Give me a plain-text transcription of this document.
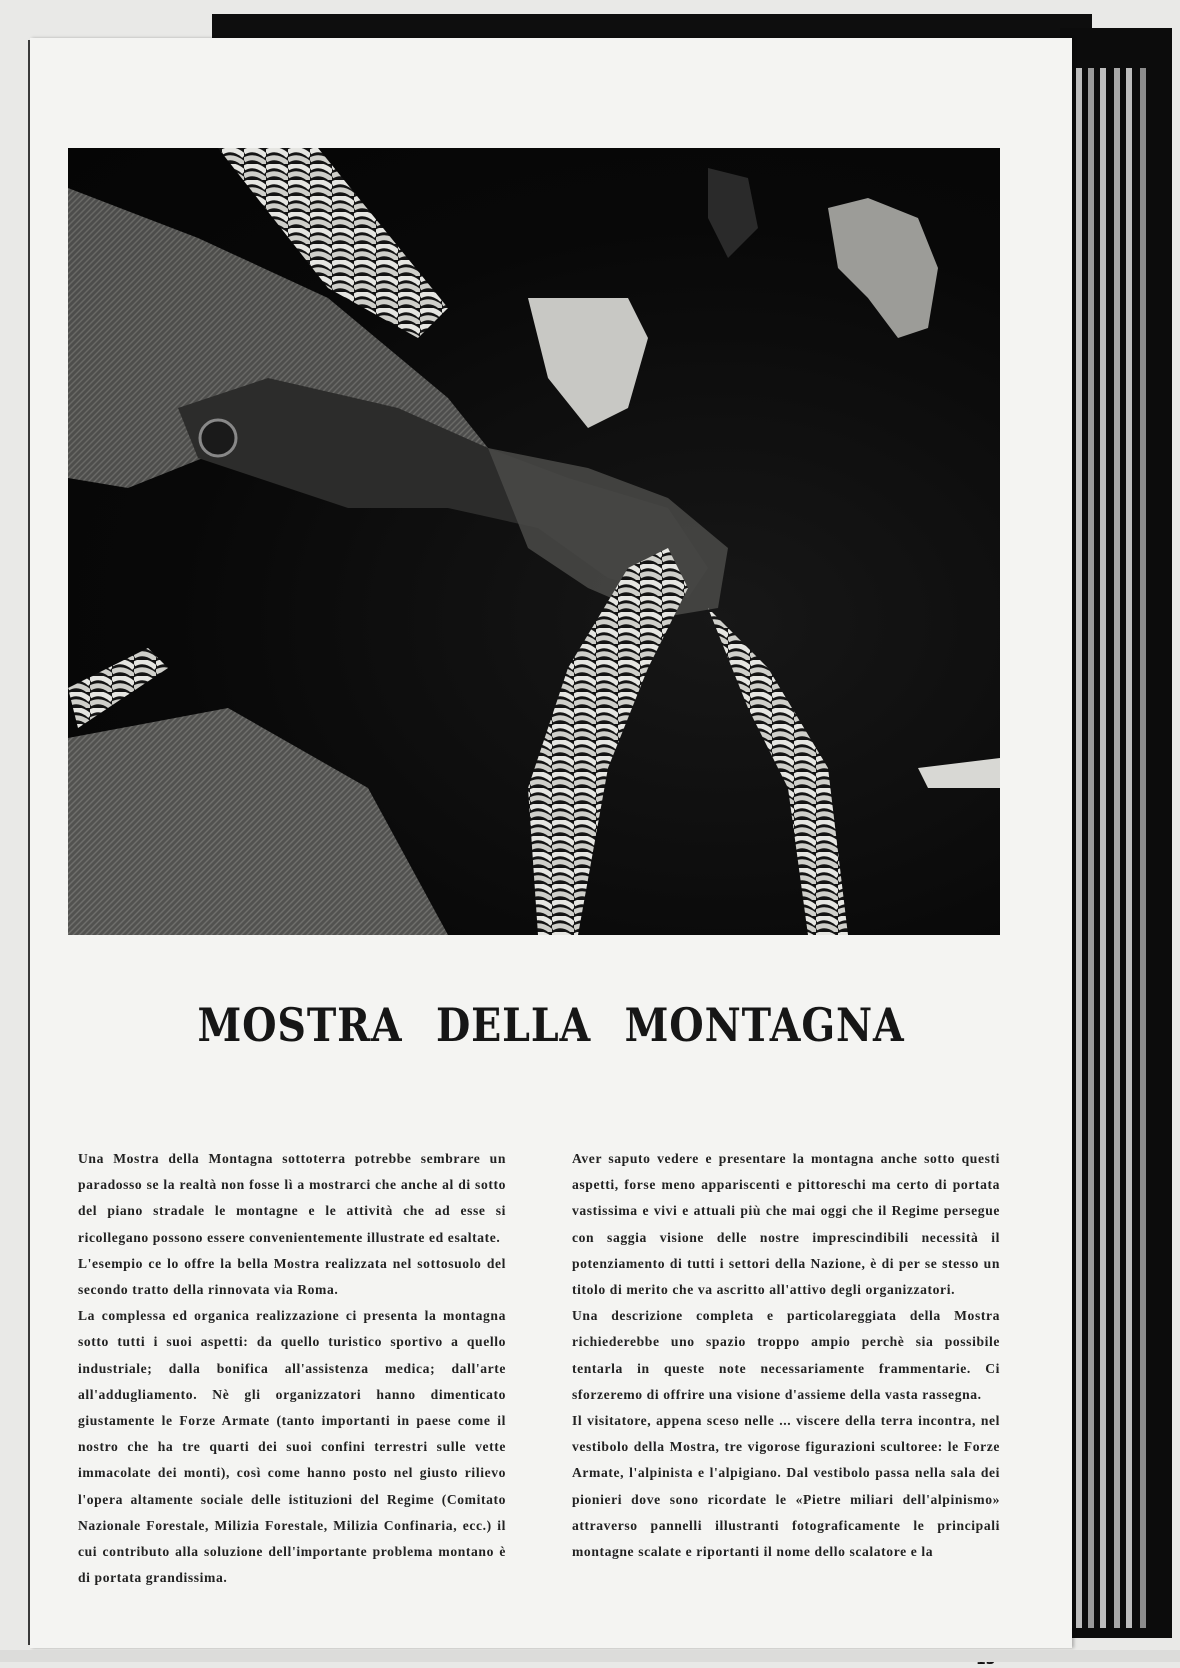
MOSTRA DELLA MONTAGNA

Una Mostra della Montagna sottoterra potrebbe sembrare un paradosso se la realtà non fosse lì a mostrarci che anche al di sotto del piano stradale le montagne e le attività che ad esse si ricollegano possono essere convenientemente illustrate ed esaltate.

L'esempio ce lo offre la bella Mostra realizzata nel sottosuolo del secondo tratto della rinnovata via Roma.

La complessa ed organica realizzazione ci presenta la montagna sotto tutti i suoi aspetti: da quello turistico sportivo a quello industriale; dalla bonifica all'assistenza medica; dall'arte all'addugliamento. Nè gli organizzatori hanno dimenticato giustamente le Forze Armate (tanto importanti in paese come il nostro che ha tre quarti dei suoi confini terrestri sulle vette immacolate dei monti), così come hanno posto nel giusto rilievo l'opera altamente sociale delle istituzioni del Regime (Comitato Nazionale Forestale, Milizia Forestale, Milizia Confinaria, ecc.) il cui contributo alla soluzione dell'importante problema montano è di portata grandissima.

Aver saputo vedere e presentare la montagna anche sotto questi aspetti, forse meno appariscenti e pittoreschi ma certo di portata vastissima e vivi e attuali più che mai oggi che il Regime persegue con saggia visione delle nostre imprescindibili necessità il potenziamento di tutti i settori della Nazione, è di per se stesso un titolo di merito che va ascritto all'attivo degli organizzatori.

Una descrizione completa e particolareggiata della Mostra richiederebbe uno spazio troppo ampio perchè sia possibile tentarla in queste note necessariamente frammentarie. Ci sforzeremo di offrire una visione d'assieme della vasta rassegna.

Il visitatore, appena sceso nelle ... viscere della terra incontra, nel vestibolo della Mostra, tre vigorose figurazioni scultoree: le Forze Armate, l'alpinista e l'alpigiano. Dal vestibolo passa nella sala dei pionieri dove sono ricordate le «Pietre miliari dell'alpinismo» attraverso pannelli illustranti fotograficamente le principali montagne scalate e riportanti il nome dello scalatore e la
